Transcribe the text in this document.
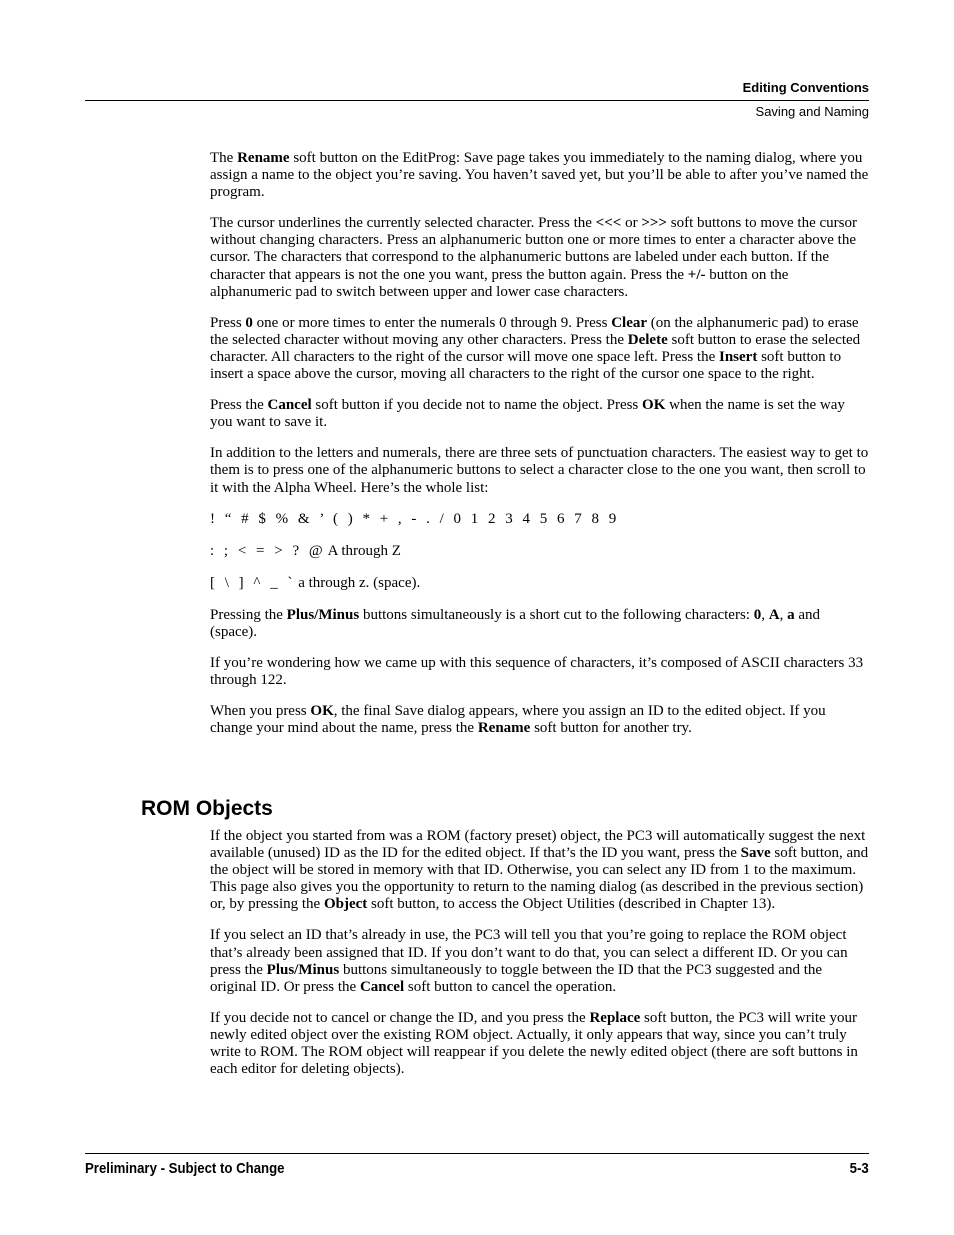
Editing Conventions
Saving and Naming

The Rename soft button on the EditProg: Save page takes you immediately to the naming dialog, where you assign a name to the object you’re saving. You haven’t saved yet, but you’ll be able to after you’ve named the program.

The cursor underlines the currently selected character. Press the <<< or >>> soft buttons to move the cursor without changing characters. Press an alphanumeric button one or more times to enter a character above the cursor. The characters that correspond to the alphanumeric buttons are labeled under each button. If the character that appears is not the one you want, press the button again. Press the +/- button on the alphanumeric pad to switch between upper and lower case characters.

Press 0 one or more times to enter the numerals 0 through 9. Press Clear (on the alphanumeric pad) to erase the selected character without moving any other characters. Press the Delete soft button to erase the selected character. All characters to the right of the cursor will move one space left. Press the Insert soft button to insert a space above the cursor, moving all characters to the right of the cursor one space to the right.

Press the Cancel soft button if you decide not to name the object. Press OK when the name is set the way you want to save it.

In addition to the letters and numerals, there are three sets of punctuation characters. The easiest way to get to them is to press one of the alphanumeric buttons to select a character close to the one you want, then scroll to it with the Alpha Wheel. Here’s the whole list:

! “ # $ % & ’ ( ) * + , - . / 0 1 2 3 4 5 6 7 8 9

: ; < = > ? @ A through Z

[ \ ] ^ _ ` a through z. (space).

Pressing the Plus/Minus buttons simultaneously is a short cut to the following characters: 0, A, a and (space).

If you’re wondering how we came up with this sequence of characters, it’s composed of ASCII characters 33 through 122.

When you press OK, the final Save dialog appears, where you assign an ID to the edited object. If you change your mind about the name, press the Rename soft button for another try.

ROM Objects

If the object you started from was a ROM (factory preset) object, the PC3 will automatically suggest the next available (unused) ID as the ID for the edited object. If that’s the ID you want, press the Save soft button, and the object will be stored in memory with that ID. Otherwise, you can select any ID from 1 to the maximum. This page also gives you the opportunity to return to the naming dialog (as described in the previous section) or, by pressing the Object soft button, to access the Object Utilities (described in Chapter 13).

If you select an ID that’s already in use, the PC3 will tell you that you’re going to replace the ROM object that’s already been assigned that ID. If you don’t want to do that, you can select a different ID. Or you can press the Plus/Minus buttons simultaneously to toggle between the ID that the PC3 suggested and the original ID. Or press the Cancel soft button to cancel the operation.

If you decide not to cancel or change the ID, and you press the Replace soft button, the PC3 will write your newly edited object over the existing ROM object. Actually, it only appears that way, since you can’t truly write to ROM. The ROM object will reappear if you delete the newly edited object (there are soft buttons in each editor for deleting objects).

Preliminary - Subject to Change	5-3
